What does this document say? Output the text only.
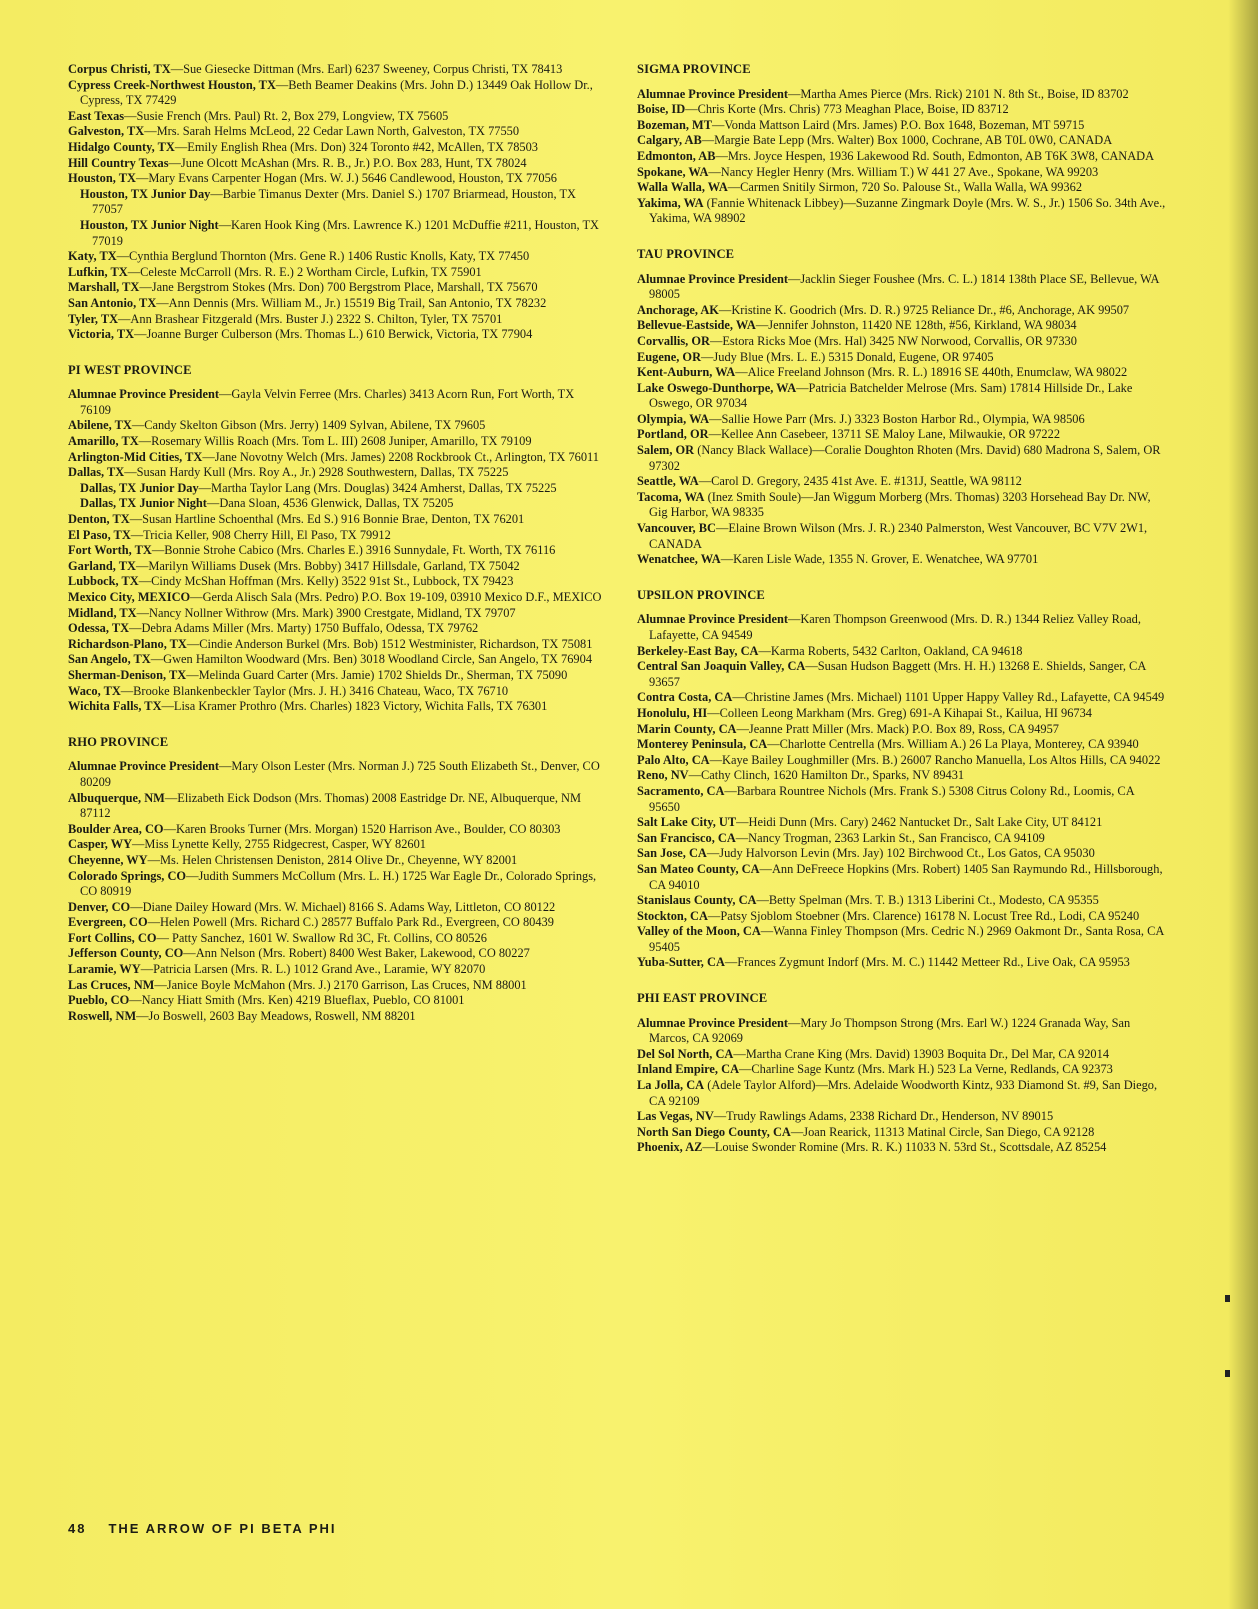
Corpus Christi, TX—Sue Giesecke Dittman (Mrs. Earl) 6237 Sweeney, Corpus Christi, TX 78413
Cypress Creek-Northwest Houston, TX—Beth Beamer Deakins (Mrs. John D.) 13449 Oak Hollow Dr., Cypress, TX 77429
East Texas—Susie French (Mrs. Paul) Rt. 2, Box 279, Longview, TX 75605
Galveston, TX—Mrs. Sarah Helms McLeod, 22 Cedar Lawn North, Galveston, TX 77550
Hidalgo County, TX—Emily English Rhea (Mrs. Don) 324 Toronto #42, McAllen, TX 78503
Hill Country Texas—June Olcott McAshan (Mrs. R. B., Jr.) P.O. Box 283, Hunt, TX 78024
Houston, TX—Mary Evans Carpenter Hogan (Mrs. W. J.) 5646 Candlewood, Houston, TX 77056
Houston, TX Junior Day—Barbie Timanus Dexter (Mrs. Daniel S.) 1707 Briarmead, Houston, TX 77057
Houston, TX Junior Night—Karen Hook King (Mrs. Lawrence K.) 1201 McDuffie #211, Houston, TX 77019
Katy, TX—Cynthia Berglund Thornton (Mrs. Gene R.) 1406 Rustic Knolls, Katy, TX 77450
Lufkin, TX—Celeste McCarroll (Mrs. R. E.) 2 Wortham Circle, Lufkin, TX 75901
Marshall, TX—Jane Bergstrom Stokes (Mrs. Don) 700 Bergstrom Place, Marshall, TX 75670
San Antonio, TX—Ann Dennis (Mrs. William M., Jr.) 15519 Big Trail, San Antonio, TX 78232
Tyler, TX—Ann Brashear Fitzgerald (Mrs. Buster J.) 2322 S. Chilton, Tyler, TX 75701
Victoria, TX—Joanne Burger Culberson (Mrs. Thomas L.) 610 Berwick, Victoria, TX 77904
PI WEST PROVINCE
Alumnae Province President—Gayla Velvin Ferree (Mrs. Charles) 3413 Acorn Run, Fort Worth, TX 76109
Abilene, TX—Candy Skelton Gibson (Mrs. Jerry) 1409 Sylvan, Abilene, TX 79605
Amarillo, TX—Rosemary Willis Roach (Mrs. Tom L. III) 2608 Juniper, Amarillo, TX 79109
Arlington-Mid Cities, TX—Jane Novotny Welch (Mrs. James) 2208 Rockbrook Ct., Arlington, TX 76011
Dallas, TX—Susan Hardy Kull (Mrs. Roy A., Jr.) 2928 Southwestern, Dallas, TX 75225
Dallas, TX Junior Day—Martha Taylor Lang (Mrs. Douglas) 3424 Amherst, Dallas, TX 75225
Dallas, TX Junior Night—Dana Sloan, 4536 Glenwick, Dallas, TX 75205
Denton, TX—Susan Hartline Schoenthal (Mrs. Ed S.) 916 Bonnie Brae, Denton, TX 76201
El Paso, TX—Tricia Keller, 908 Cherry Hill, El Paso, TX 79912
Fort Worth, TX—Bonnie Strohe Cabico (Mrs. Charles E.) 3916 Sunnydale, Ft. Worth, TX 76116
Garland, TX—Marilyn Williams Dusek (Mrs. Bobby) 3417 Hillsdale, Garland, TX 75042
Lubbock, TX—Cindy McShan Hoffman (Mrs. Kelly) 3522 91st St., Lubbock, TX 79423
Mexico City, MEXICO—Gerda Alisch Sala (Mrs. Pedro) P.O. Box 19-109, 03910 Mexico D.F., MEXICO
Midland, TX—Nancy Nollner Withrow (Mrs. Mark) 3900 Crestgate, Midland, TX 79707
Odessa, TX—Debra Adams Miller (Mrs. Marty) 1750 Buffalo, Odessa, TX 79762
Richardson-Plano, TX—Cindie Anderson Burkel (Mrs. Bob) 1512 Westminister, Richardson, TX 75081
San Angelo, TX—Gwen Hamilton Woodward (Mrs. Ben) 3018 Woodland Circle, San Angelo, TX 76904
Sherman-Denison, TX—Melinda Guard Carter (Mrs. Jamie) 1702 Shields Dr., Sherman, TX 75090
Waco, TX—Brooke Blankenbeckler Taylor (Mrs. J. H.) 3416 Chateau, Waco, TX 76710
Wichita Falls, TX—Lisa Kramer Prothro (Mrs. Charles) 1823 Victory, Wichita Falls, TX 76301
RHO PROVINCE
Alumnae Province President—Mary Olson Lester (Mrs. Norman J.) 725 South Elizabeth St., Denver, CO 80209
Albuquerque, NM—Elizabeth Eick Dodson (Mrs. Thomas) 2008 Eastridge Dr. NE, Albuquerque, NM 87112
Boulder Area, CO—Karen Brooks Turner (Mrs. Morgan) 1520 Harrison Ave., Boulder, CO 80303
Casper, WY—Miss Lynette Kelly, 2755 Ridgecrest, Casper, WY 82601
Cheyenne, WY—Ms. Helen Christensen Deniston, 2814 Olive Dr., Cheyenne, WY 82001
Colorado Springs, CO—Judith Summers McCollum (Mrs. L. H.) 1725 War Eagle Dr., Colorado Springs, CO 80919
Denver, CO—Diane Dailey Howard (Mrs. W. Michael) 8166 S. Adams Way, Littleton, CO 80122
Evergreen, CO—Helen Powell (Mrs. Richard C.) 28577 Buffalo Park Rd., Evergreen, CO 80439
Fort Collins, CO— Patty Sanchez, 1601 W. Swallow Rd 3C, Ft. Collins, CO 80526
Jefferson County, CO—Ann Nelson (Mrs. Robert) 8400 West Baker, Lakewood, CO 80227
Laramie, WY—Patricia Larsen (Mrs. R. L.) 1012 Grand Ave., Laramie, WY 82070
Las Cruces, NM—Janice Boyle McMahon (Mrs. J.) 2170 Garrison, Las Cruces, NM 88001
Pueblo, CO—Nancy Hiatt Smith (Mrs. Ken) 4219 Blueflax, Pueblo, CO 81001
Roswell, NM—Jo Boswell, 2603 Bay Meadows, Roswell, NM 88201
SIGMA PROVINCE
Alumnae Province President—Martha Ames Pierce (Mrs. Rick) 2101 N. 8th St., Boise, ID 83702
Boise, ID—Chris Korte (Mrs. Chris) 773 Meaghan Place, Boise, ID 83712
Bozeman, MT—Vonda Mattson Laird (Mrs. James) P.O. Box 1648, Bozeman, MT 59715
Calgary, AB—Margie Bate Lepp (Mrs. Walter) Box 1000, Cochrane, AB T0L 0W0, CANADA
Edmonton, AB—Mrs. Joyce Hespen, 1936 Lakewood Rd. South, Edmonton, AB T6K 3W8, CANADA
Spokane, WA—Nancy Hegler Henry (Mrs. William T.) W 441 27 Ave., Spokane, WA 99203
Walla Walla, WA—Carmen Snitily Sirmon, 720 So. Palouse St., Walla Walla, WA 99362
Yakima, WA (Fannie Whitenack Libbey)—Suzanne Zingmark Doyle (Mrs. W. S., Jr.) 1506 So. 34th Ave., Yakima, WA 98902
TAU PROVINCE
Alumnae Province President—Jacklin Sieger Foushee (Mrs. C. L.) 1814 138th Place SE, Bellevue, WA 98005
Anchorage, AK—Kristine K. Goodrich (Mrs. D. R.) 9725 Reliance Dr., #6, Anchorage, AK 99507
Bellevue-Eastside, WA—Jennifer Johnston, 11420 NE 128th, #56, Kirkland, WA 98034
Corvallis, OR—Estora Ricks Moe (Mrs. Hal) 3425 NW Norwood, Corvallis, OR 97330
Eugene, OR—Judy Blue (Mrs. L. E.) 5315 Donald, Eugene, OR 97405
Kent-Auburn, WA—Alice Freeland Johnson (Mrs. R. L.) 18916 SE 440th, Enumclaw, WA 98022
Lake Oswego-Dunthorpe, WA—Patricia Batchelder Melrose (Mrs. Sam) 17814 Hillside Dr., Lake Oswego, OR 97034
Olympia, WA—Sallie Howe Parr (Mrs. J.) 3323 Boston Harbor Rd., Olympia, WA 98506
Portland, OR—Kellee Ann Casebeer, 13711 SE Maloy Lane, Milwaukie, OR 97222
Salem, OR (Nancy Black Wallace)—Coralie Doughton Rhoten (Mrs. David) 680 Madrona S, Salem, OR 97302
Seattle, WA—Carol D. Gregory, 2435 41st Ave. E. #131J, Seattle, WA 98112
Tacoma, WA (Inez Smith Soule)—Jan Wiggum Morberg (Mrs. Thomas) 3203 Horsehead Bay Dr. NW, Gig Harbor, WA 98335
Vancouver, BC—Elaine Brown Wilson (Mrs. J. R.) 2340 Palmerston, West Vancouver, BC V7V 2W1, CANADA
Wenatchee, WA—Karen Lisle Wade, 1355 N. Grover, E. Wenatchee, WA 97701
UPSILON PROVINCE
Alumnae Province President—Karen Thompson Greenwood (Mrs. D. R.) 1344 Reliez Valley Road, Lafayette, CA 94549
Berkeley-East Bay, CA—Karma Roberts, 5432 Carlton, Oakland, CA 94618
Central San Joaquin Valley, CA—Susan Hudson Baggett (Mrs. H. H.) 13268 E. Shields, Sanger, CA 93657
Contra Costa, CA—Christine James (Mrs. Michael) 1101 Upper Happy Valley Rd., Lafayette, CA 94549
Honolulu, HI—Colleen Leong Markham (Mrs. Greg) 691-A Kihapai St., Kailua, HI 96734
Marin County, CA—Jeanne Pratt Miller (Mrs. Mack) P.O. Box 89, Ross, CA 94957
Monterey Peninsula, CA—Charlotte Centrella (Mrs. William A.) 26 La Playa, Monterey, CA 93940
Palo Alto, CA—Kaye Bailey Loughmiller (Mrs. B.) 26007 Rancho Manuella, Los Altos Hills, CA 94022
Reno, NV—Cathy Clinch, 1620 Hamilton Dr., Sparks, NV 89431
Sacramento, CA—Barbara Rountree Nichols (Mrs. Frank S.) 5308 Citrus Colony Rd., Loomis, CA 95650
Salt Lake City, UT—Heidi Dunn (Mrs. Cary) 2462 Nantucket Dr., Salt Lake City, UT 84121
San Francisco, CA—Nancy Trogman, 2363 Larkin St., San Francisco, CA 94109
San Jose, CA—Judy Halvorson Levin (Mrs. Jay) 102 Birchwood Ct., Los Gatos, CA 95030
San Mateo County, CA—Ann DeFreece Hopkins (Mrs. Robert) 1405 San Raymundo Rd., Hillsborough, CA 94010
Stanislaus County, CA—Betty Spelman (Mrs. T. B.) 1313 Liberini Ct., Modesto, CA 95355
Stockton, CA—Patsy Sjoblom Stoebner (Mrs. Clarence) 16178 N. Locust Tree Rd., Lodi, CA 95240
Valley of the Moon, CA—Wanna Finley Thompson (Mrs. Cedric N.) 2969 Oakmont Dr., Santa Rosa, CA 95405
Yuba-Sutter, CA—Frances Zygmunt Indorf (Mrs. M. C.) 11442 Metteer Rd., Live Oak, CA 95953
PHI EAST PROVINCE
Alumnae Province President—Mary Jo Thompson Strong (Mrs. Earl W.) 1224 Granada Way, San Marcos, CA 92069
Del Sol North, CA—Martha Crane King (Mrs. David) 13903 Boquita Dr., Del Mar, CA 92014
Inland Empire, CA—Charline Sage Kuntz (Mrs. Mark H.) 523 La Verne, Redlands, CA 92373
La Jolla, CA (Adele Taylor Alford)—Mrs. Adelaide Woodworth Kintz, 933 Diamond St. #9, San Diego, CA 92109
Las Vegas, NV—Trudy Rawlings Adams, 2338 Richard Dr., Henderson, NV 89015
North San Diego County, CA—Joan Rearick, 11313 Matinal Circle, San Diego, CA 92128
Phoenix, AZ—Louise Swonder Romine (Mrs. R. K.) 11033 N. 53rd St., Scottsdale, AZ 85254
48 THE ARROW OF PI BETA PHI
